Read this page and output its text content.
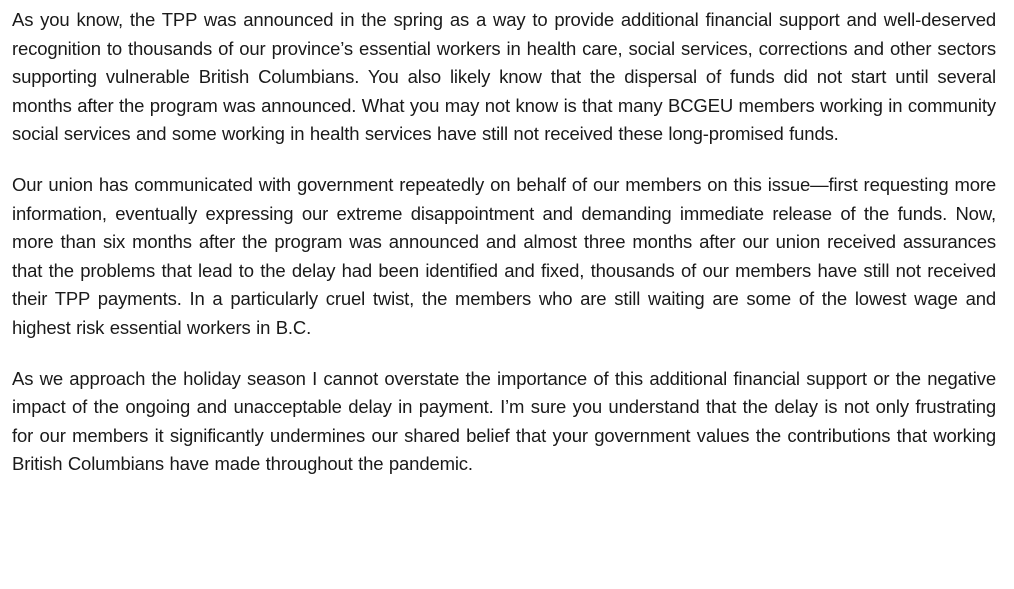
As you know, the TPP was announced in the spring as a way to provide additional financial support and well-deserved recognition to thousands of our province’s essential workers in health care, social services, corrections and other sectors supporting vulnerable British Columbians. You also likely know that the dispersal of funds did not start until several months after the program was announced. What you may not know is that many BCGEU members working in community social services and some working in health services have still not received these long-promised funds.

Our union has communicated with government repeatedly on behalf of our members on this issue—first requesting more information, eventually expressing our extreme disappointment and demanding immediate release of the funds. Now, more than six months after the program was announced and almost three months after our union received assurances that the problems that lead to the delay had been identified and fixed, thousands of our members have still not received their TPP payments. In a particularly cruel twist, the members who are still waiting are some of the lowest wage and highest risk essential workers in B.C.

As we approach the holiday season I cannot overstate the importance of this additional financial support or the negative impact of the ongoing and unacceptable delay in payment. I’m sure you understand that the delay is not only frustrating for our members it significantly undermines our shared belief that your government values the contributions that working British Columbians have made throughout the pandemic.
